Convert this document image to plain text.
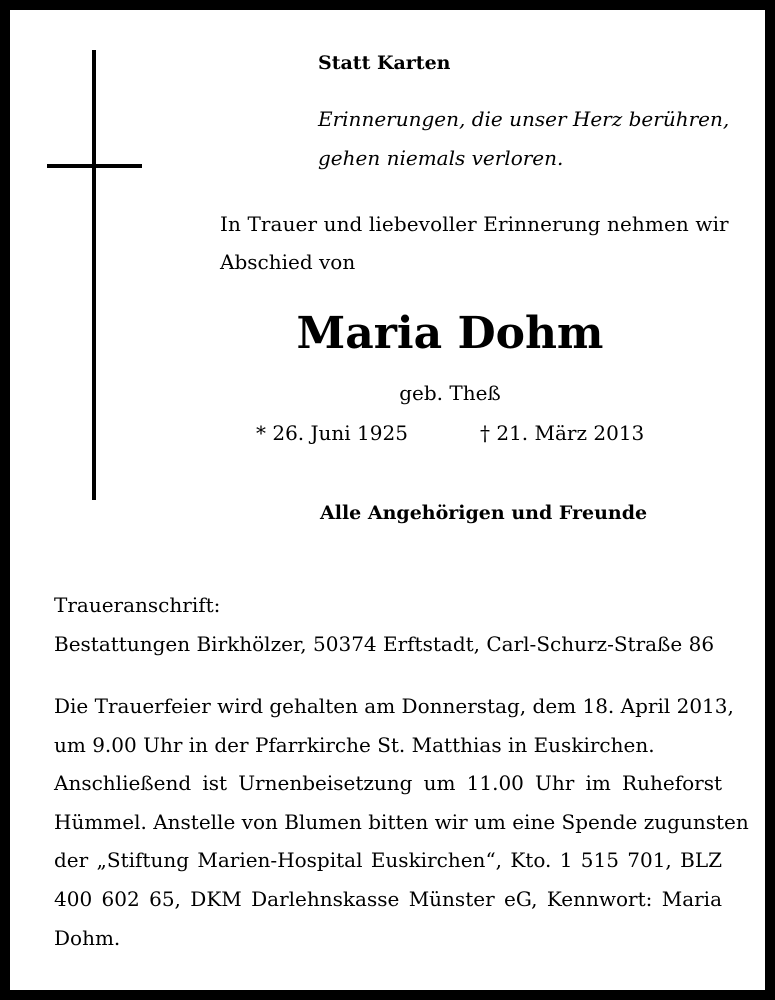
Statt Karten

Erinnerungen, die unser Herz berühren,

gehen niemals verloren.

In Trauer und liebevoller Erinnerung nehmen wir

Abschied von

Maria Dohm

geb. Theß

* 26. Juni 1925	† 21. März 2013

Alle Angehörigen und Freunde

Traueranschrift:

Bestattungen Birkhölzer, 50374 Erftstadt, Carl-Schurz-Straße 86

Die Trauerfeier wird gehalten am Donnerstag, dem 18. April 2013,
um 9.00 Uhr in der Pfarrkirche St. Matthias in Euskirchen.
Anschließend ist Urnenbeisetzung um 11.00 Uhr im Ruheforst
Hümmel. Anstelle von Blumen bitten wir um eine Spende zugunsten
der „Stiftung Marien-Hospital Euskirchen“, Kto. 1 515 701, BLZ
400 602 65, DKM Darlehnskasse Münster eG, Kennwort: Maria
Dohm.
